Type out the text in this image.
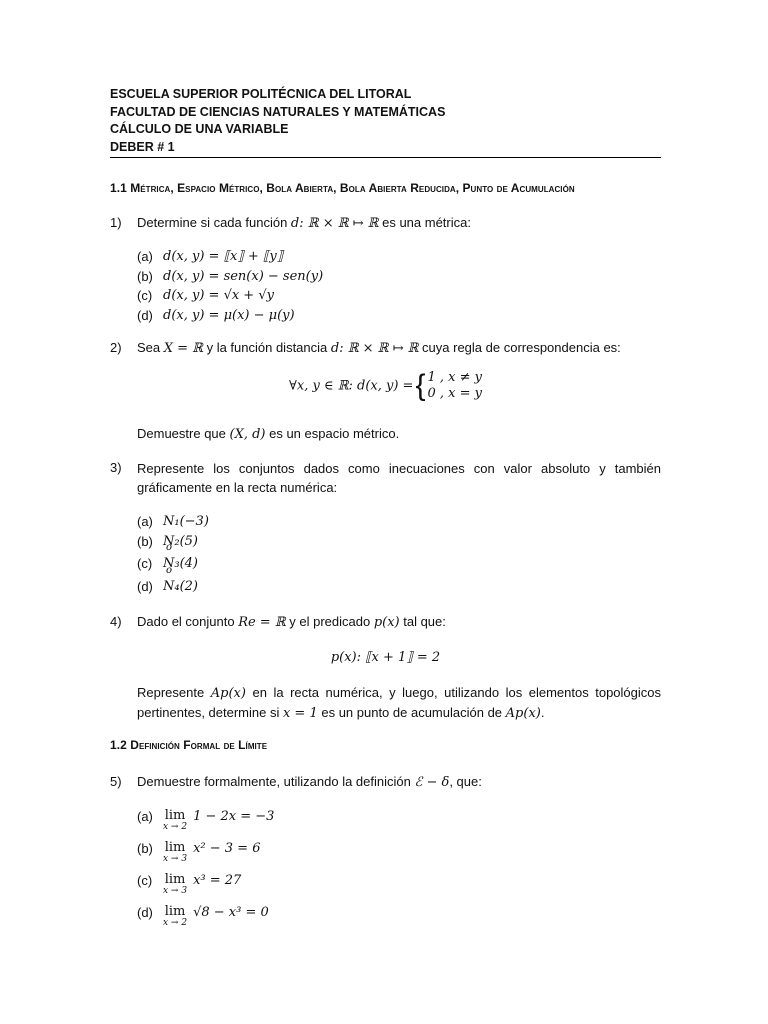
ESCUELA SUPERIOR POLITÉCNICA DEL LITORAL
FACULTAD DE CIENCIAS NATURALES Y MATEMÁTICAS
CÁLCULO DE UNA VARIABLE
DEBER # 1
1.1 Métrica, Espacio Métrico, Bola Abierta, Bola Abierta Reducida, Punto de Acumulación
1) Determine si cada función d: ℝ × ℝ ↦ ℝ es una métrica:
(a) d(x, y) = ⟦x⟧ + ⟦y⟧
(b) d(x, y) = sen(x) − sen(y)
(c) d(x, y) = √x + √y
(d) d(x, y) = μ(x) − μ(y)
2) Sea X = ℝ y la función distancia d: ℝ × ℝ ↦ ℝ cuya regla de correspondencia es:
∀x, y ∈ ℝ: d(x, y) ={ 1 , x ≠ y
0 , x = y
Demuestre que (X, d) es un espacio métrico.
3) Represente los conjuntos dados como inecuaciones con valor absoluto y también gráficamente en la recta numérica:
(a) N₁(−3)
(b) N₂(5)
(c) o N₃(4)
(d) o N₄(2)
4) Dado el conjunto Re = ℝ y el predicado p(x) tal que:
p(x): ⟦x + 1⟧ = 2
Represente Ap(x) en la recta numérica, y luego, utilizando los elementos topológicos pertinentes, determine si x = 1 es un punto de acumulación de Ap(x).
1.2 Definición Formal de Límite
5) Demuestre formalmente, utilizando la definición ℰ − δ, que:
(a) lim
x → 2
1 − 2x = −3
(b) lim
x → 3
x² − 3 = 6
(c) lim
x → 3
x³ = 27
(d) lim
x → 2
√8 − x³ = 0
